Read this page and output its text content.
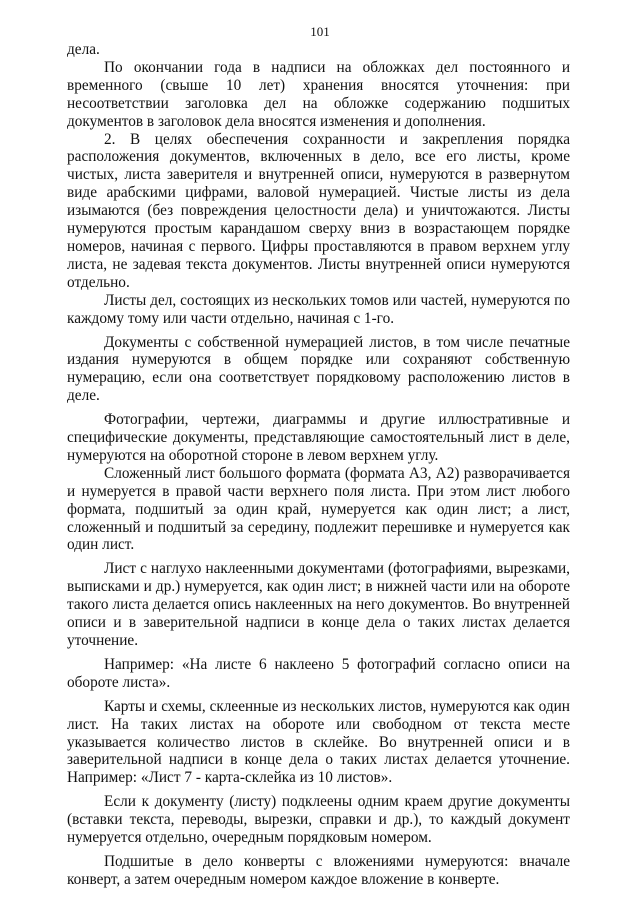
101

дела.

По окончании года в надписи на обложках дел постоянного и временного (свыше 10 лет) хранения вносятся уточнения: при несоответствии заголовка дел на обложке содержанию подшитых документов в заголовок дела вносятся изменения и дополнения.

2. В целях обеспечения сохранности и закрепления порядка расположения документов, включенных в дело, все его листы, кроме чистых, листа заверителя и внутренней описи, нумеруются в развернутом виде арабскими цифрами, валовой нумерацией. Чистые листы из дела изымаются (без повреждения целостности дела) и уничтожаются. Листы нумеруются простым карандашом сверху вниз в возрастающем порядке номеров, начиная с первого. Цифры проставляются в правом верхнем углу листа, не задевая текста документов. Листы внутренней описи нумеруются отдельно.

Листы дел, состоящих из нескольких томов или частей, нумеруются по каждому тому или части отдельно, начиная с 1-го.

Документы с собственной нумерацией листов, в том числе печатные издания нумеруются в общем порядке или сохраняют собственную нумерацию, если она соответствует порядковому расположению листов в деле.

Фотографии, чертежи, диаграммы и другие иллюстративные и специфические документы, представляющие самостоятельный лист в деле, нумеруются на оборотной стороне в левом верхнем углу.

Сложенный лист большого формата (формата А3, А2) разворачивается и нумеруется в правой части верхнего поля листа. При этом лист любого формата, подшитый за один край, нумеруется как один лист; а лист, сложенный и подшитый за середину, подлежит перешивке и нумеруется как один лист.

Лист с наглухо наклеенными документами (фотографиями, вырезками, выписками и др.) нумеруется, как один лист; в нижней части или на обороте такого листа делается опись наклеенных на него документов. Во внутренней описи и в заверительной надписи в конце дела о таких листах делается уточнение.

Например: «На листе 6 наклеено 5 фотографий согласно описи на обороте листа».

Карты и схемы, склеенные из нескольких листов, нумеруются как один лист. На таких листах на обороте или свободном от текста месте указывается количество листов в склейке. Во внутренней описи и в заверительной надписи в конце дела о таких листах делается уточнение. Например: «Лист 7 - карта-склейка из 10 листов».

Если к документу (листу) подклеены одним краем другие документы (вставки текста, переводы, вырезки, справки и др.), то каждый документ нумеруется отдельно, очередным порядковым номером.

Подшитые в дело конверты с вложениями нумеруются: вначале конверт, а затем очередным номером каждое вложение в конверте.
